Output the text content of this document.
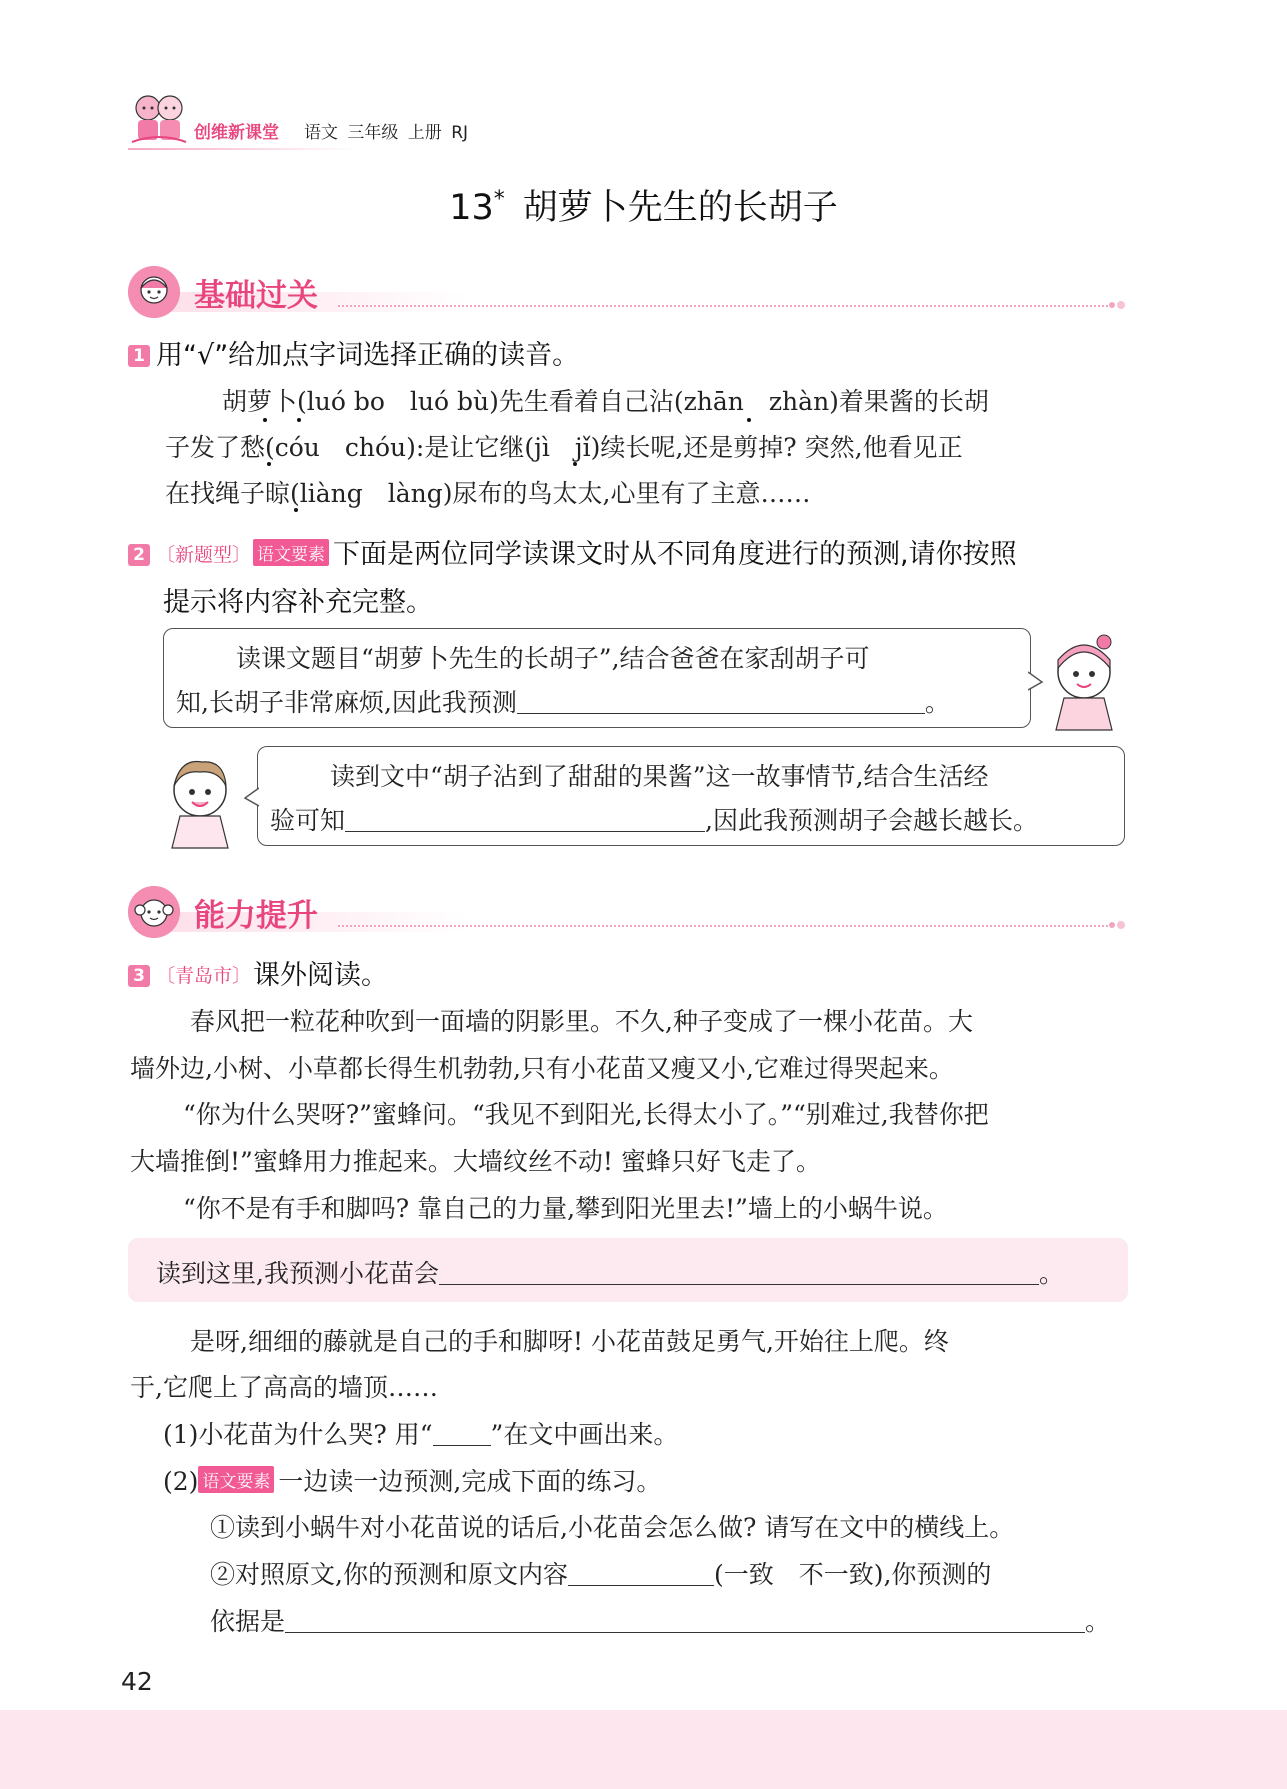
创维新课堂 语文 三年级 上册 RJ
13* 胡萝卜先生的长胡子
基础过关
1 用“√”给加点字词选择正确的读音。
胡萝卜(luó bo　luó bù)先生看着自己沾(zhān　zhàn)着果酱的长胡
子发了愁(cóu　chóu):是让它继(jì　jǐ)续长呢,还是剪掉? 突然,他看见正
在找绳子晾(liàng　làng)尿布的鸟太太,心里有了主意……
2 〔新题型〕 语文要素 下面是两位同学读课文时从不同角度进行的预测,请你按照
提示将内容补充完整。
读课文题目“胡萝卜先生的长胡子”,结合爸爸在家刮胡子可
知,长胡子非常麻烦,因此我预测	。
读到文中“胡子沾到了甜甜的果酱”这一故事情节,结合生活经
验可知	,因此我预测胡子会越长越长。
能力提升
3 〔青岛市〕课外阅读。
春风把一粒花种吹到一面墙的阴影里。不久,种子变成了一棵小花苗。大
墙外边,小树、小草都长得生机勃勃,只有小花苗又瘦又小,它难过得哭起来。
“你为什么哭呀?”蜜蜂问。“我见不到阳光,长得太小了。”“别难过,我替你把
大墙推倒!”蜜蜂用力推起来。大墙纹丝不动! 蜜蜂只好飞走了。
“你不是有手和脚吗? 靠自己的力量,攀到阳光里去!”墙上的小蜗牛说。
读到这里,我预测小花苗会	。
是呀,细细的藤就是自己的手和脚呀! 小花苗鼓足勇气,开始往上爬。终
于,它爬上了高高的墙顶……
(1)小花苗为什么哭? 用“ ”在文中画出来。
(2) 语文要素 一边读一边预测,完成下面的练习。
①读到小蜗牛对小花苗说的话后,小花苗会怎么做? 请写在文中的横线上。
②对照原文,你的预测和原文内容	(一致　不一致),你预测的
依据是	。
42
